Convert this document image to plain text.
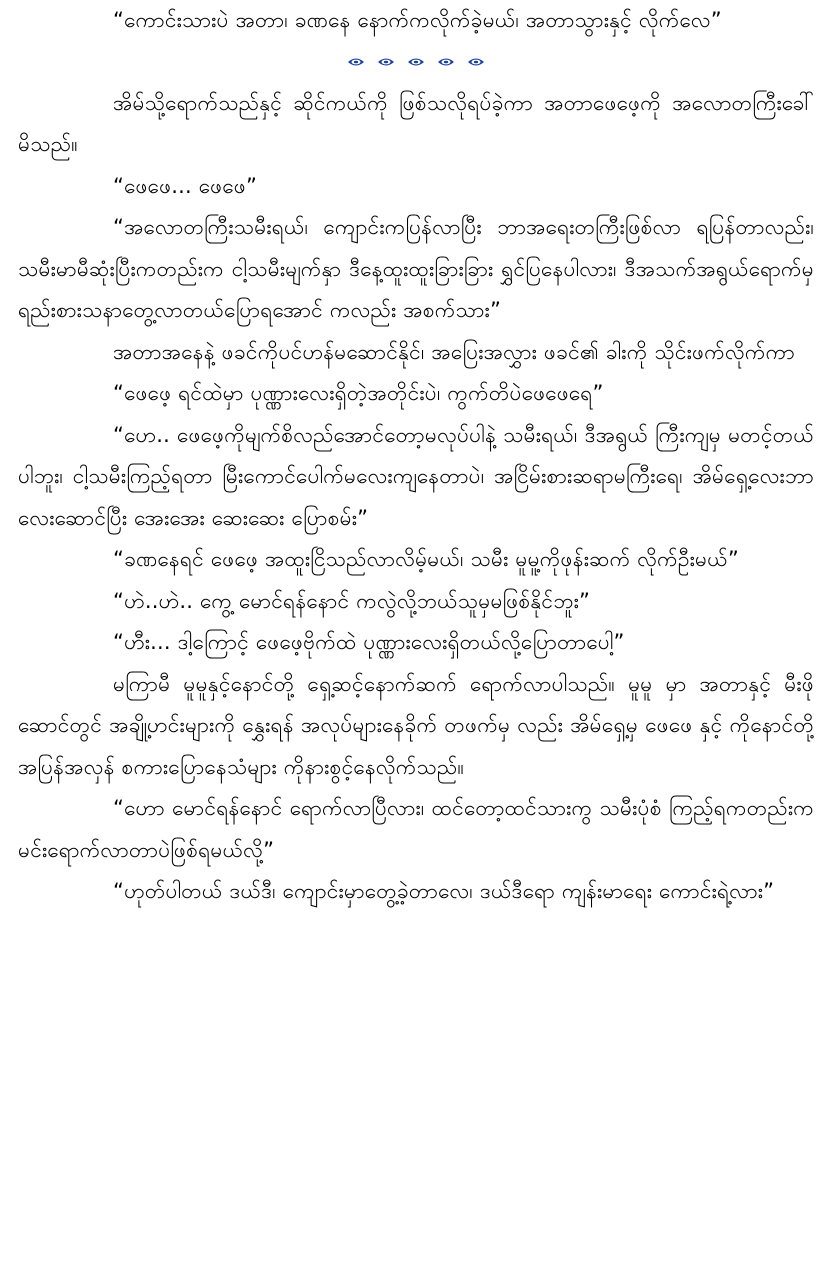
“ကောင်းသားပဲ အတာ၊ ခဏနေ နောက်ကလိုက်ခဲ့မယ်၊ အတာသွားနှင့် လိုက်လေ”

အိမ်သို့ရောက်သည်နှင့် ဆိုင်ကယ်ကို ဖြစ်သလိုရပ်ခဲ့ကာ အတာဖေဖေ့ကို အလောတကြီးခေါ်မိသည်။

“ဖေဖေ... ဖေဖေ”

“အလောတကြီးသမီးရယ်၊ ကျောင်းကပြန်လာပြီး ဘာအရေးတကြီးဖြစ်လာ ရပြန်တာလည်း၊ သမီးမာမီဆုံးပြီးကတည်းက ငါ့သမီးမျက်နှာ ဒီနေ့ထူးထူးခြားခြား ရွှင်ပြနေပါလား၊ ဒီအသက်အရွယ်ရောက်မှ ရည်းစားသနာတွေ့လာတယ်ပြောရအောင် ကလည်း အစက်သား”

အတာအနေနဲ့ ဖခင်ကိုပင်ဟန်မဆောင်နိုင်၊ အပြေးအလွှား ဖခင်၏ ခါးကို သိုင်းဖက်လိုက်ကာ

“ဖေဖေ့ ရင်ထဲမှာ ပုဏ္ဏားလေးရှိတဲ့အတိုင်းပဲ၊ ကွက်တိပဲဖေဖေရေ”

“ဟေ.. ဖေဖေ့ကိုမျက်စိလည်အောင်တော့မလုပ်ပါနဲ့ သမီးရယ်၊ ဒီအရွယ် ကြီးကျမှ မတင့်တယ်ပါဘူး၊ ငါ့သမီးကြည့်ရတာ မြီးကောင်ပေါက်မလေးကျနေတာပဲ၊ အငြိမ်းစားဆရာမကြီးရေ၊ အိမ်ရှေ့လေးဘာလေးဆောင်ပြီး အေးအေး ဆေးဆေး ပြောစမ်း”

“ခဏနေရင် ဖေဖေ့ အထူးငြိသည်လာလိမ့်မယ်၊ သမီး မူမူ့ကိုဖုန်းဆက် လိုက်ဦးမယ်”

“ဟဲ..ဟဲ.. ကွေ့ မောင်ရန်နောင် ကလွဲလို့ဘယ်သူမှမဖြစ်နိုင်ဘူး”

“ဟီး... ဒါ့ကြောင့် ဖေဖေ့ဗိုက်ထဲ ပုဏ္ဏားလေးရှိတယ်လို့ပြောတာပေါ့”

မကြာမီ မူမူနှင့်နောင်တို့ ရှေ့ဆင့်နောက်ဆက် ရောက်လာပါသည်။ မူမူ မှာ အတာနှင့် မီးဖိုဆောင်တွင် အချို့ဟင်းများကို နွှေးရန် အလုပ်များနေခိုက် တဖက်မှ လည်း အိမ်ရှေ့မှ ဖေဖေ နှင့် ကိုနောင်တို့အပြန်အလှန် စကားပြောနေသံများ ကိုနားစွင့်နေလိုက်သည်။

“ဟော မောင်ရန်နောင် ရောက်လာပြီလား၊ ထင်တော့ထင်သားကွ သမီးပုံစံ ကြည့်ရကတည်းက မင်းရောက်လာတာပဲဖြစ်ရမယ်လို့”

“ဟုတ်ပါတယ် ဒယ်ဒီ၊ ကျောင်းမှာတွေ့ခဲ့တာလေ၊ ဒယ်ဒီရော ကျန်းမာရေး ကောင်းရဲ့လား”
